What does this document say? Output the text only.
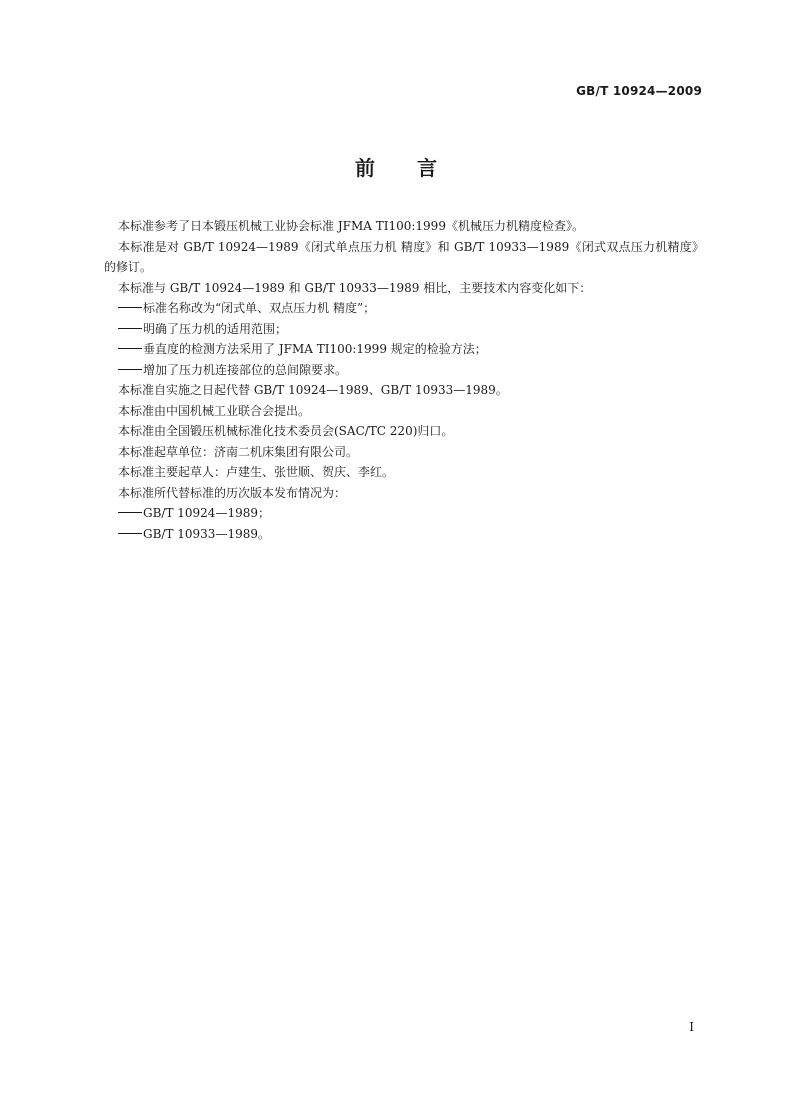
GB/T 10924—2009
前 言

本标准参考了日本锻压机械工业协会标准 JFMA TⅠ100:1999《机械压力机精度检查》。

本标准是对 GB/T 10924—1989《闭式单点压力机 精度》和 GB/T 10933—1989《闭式双点压力机精度》的修订。

本标准与 GB/T 10924—1989 和 GB/T 10933—1989 相比，主要技术内容变化如下：

标准名称改为“闭式单、双点压力机 精度”；

明确了压力机的适用范围；

垂直度的检测方法采用了 JFMA TⅠ100:1999 规定的检验方法；

增加了压力机连接部位的总间隙要求。

本标准自实施之日起代替 GB/T 10924—1989、GB/T 10933—1989。

本标准由中国机械工业联合会提出。

本标准由全国锻压机械标准化技术委员会(SAC/TC 220)归口。

本标准起草单位：济南二机床集团有限公司。

本标准主要起草人：卢建生、张世顺、贺庆、李红。

本标准所代替标准的历次版本发布情况为：

GB/T 10924—1989；

GB/T 10933—1989。

I
